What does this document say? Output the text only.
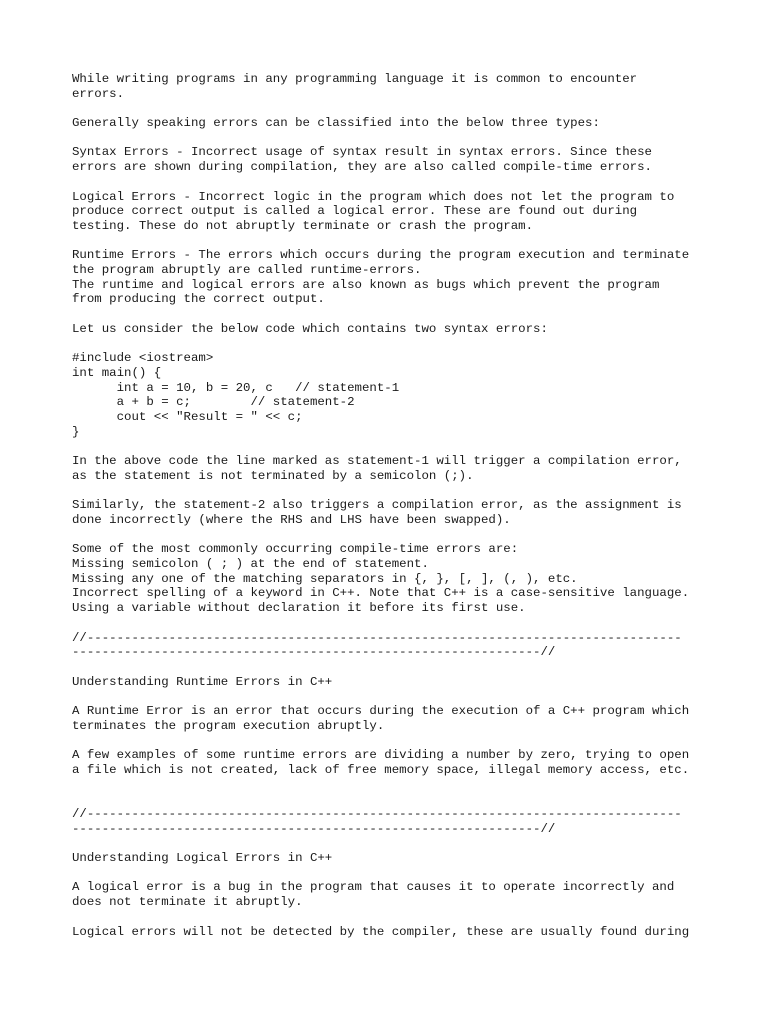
While writing programs in any programming language it is common to encounter
errors.

Generally speaking errors can be classified into the below three types:

Syntax Errors - Incorrect usage of syntax result in syntax errors. Since these
errors are shown during compilation, they are also called compile-time errors.

Logical Errors - Incorrect logic in the program which does not let the program to
produce correct output is called a logical error. These are found out during
testing. These do not abruptly terminate or crash the program.

Runtime Errors - The errors which occurs during the program execution and terminate
the program abruptly are called runtime-errors.
The runtime and logical errors are also known as bugs which prevent the program
from producing the correct output.

Let us consider the below code which contains two syntax errors:

#include <iostream>
int main() {
int a = 10, b = 20, c   // statement-1
a + b = c;        // statement-2
cout << "Result = " << c;
}

In the above code the line marked as statement-1 will trigger a compilation error,
as the statement is not terminated by a semicolon (;).

Similarly, the statement-2 also triggers a compilation error, as the assignment is
done incorrectly (where the RHS and LHS have been swapped).

Some of the most commonly occurring compile-time errors are:
Missing semicolon ( ; ) at the end of statement.
Missing any one of the matching separators in {, }, [, ], (, ), etc.
Incorrect spelling of a keyword in C++. Note that C++ is a case-sensitive language.
Using a variable without declaration it before its first use.

//--------------------------------------------------------------------------------
---------------------------------------------------------------//

Understanding Runtime Errors in C++

A Runtime Error is an error that occurs during the execution of a C++ program which
terminates the program execution abruptly.

A few examples of some runtime errors are dividing a number by zero, trying to open
a file which is not created, lack of free memory space, illegal memory access, etc.

//--------------------------------------------------------------------------------
---------------------------------------------------------------//

Understanding Logical Errors in C++

A logical error is a bug in the program that causes it to operate incorrectly and
does not terminate it abruptly.

Logical errors will not be detected by the compiler, these are usually found during
